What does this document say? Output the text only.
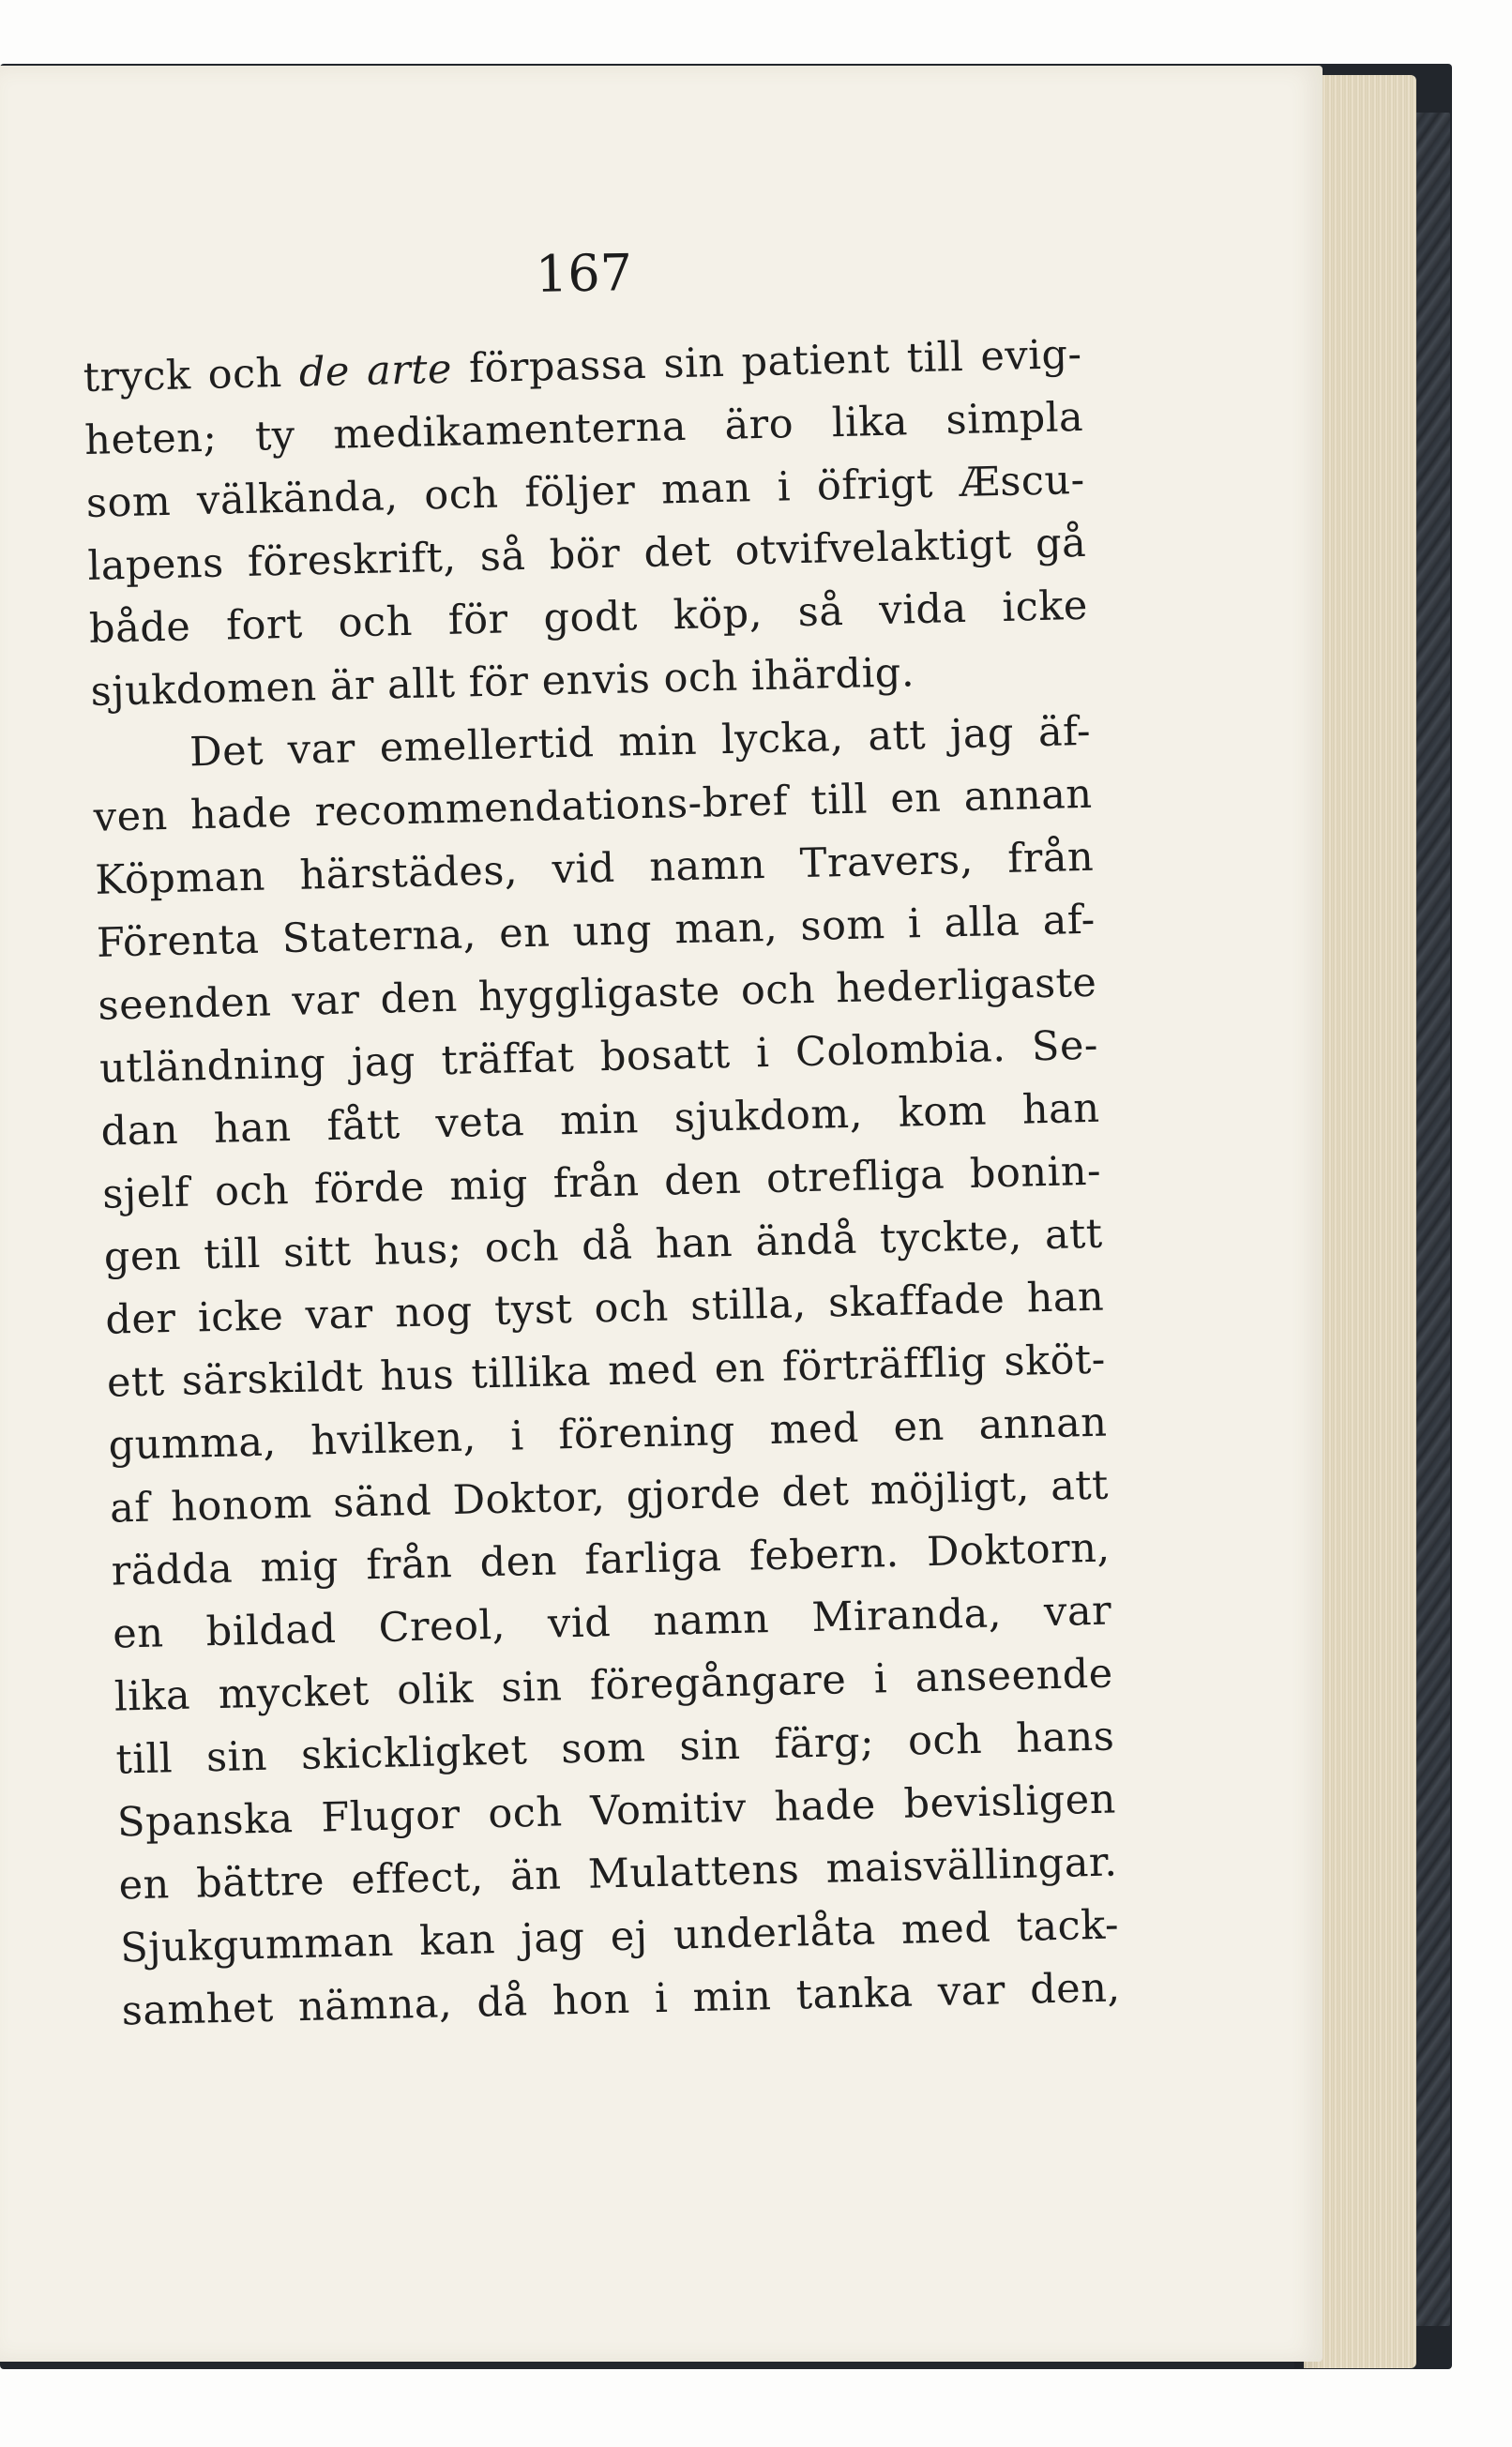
167

tryck och de arte förpassa sin patient till evig-
heten; ty medikamenterna äro lika simpla
som välkända, och följer man i öfrigt Æscu-
lapens föreskrift, så bör det otvifvelaktigt gå
både fort och för godt köp, så vida icke
sjukdomen är allt för envis och ihärdig.
Det var emellertid min lycka, att jag äf-
ven hade recommendations-bref till en annan
Köpman härstädes, vid namn Travers, från
Förenta Staterna, en ung man, som i alla af-
seenden var den hyggligaste och hederligaste
utländning jag träffat bosatt i Colombia. Se-
dan han fått veta min sjukdom, kom han
sjelf och förde mig från den otrefliga bonin-
gen till sitt hus; och då han ändå tyckte, att
der icke var nog tyst och stilla, skaffade han
ett särskildt hus tillika med en förträfflig sköt-
gumma, hvilken, i förening med en annan
af honom sänd Doktor, gjorde det möjligt, att
rädda mig från den farliga febern. Doktorn,
en bildad Creol, vid namn Miranda, var
lika mycket olik sin föregångare i anseende
till sin skickligket som sin färg; och hans
Spanska Flugor och Vomitiv hade bevisligen
en bättre effect, än Mulattens maisvällingar.
Sjukgumman kan jag ej underlåta med tack-
samhet nämna, då hon i min tanka var den,
